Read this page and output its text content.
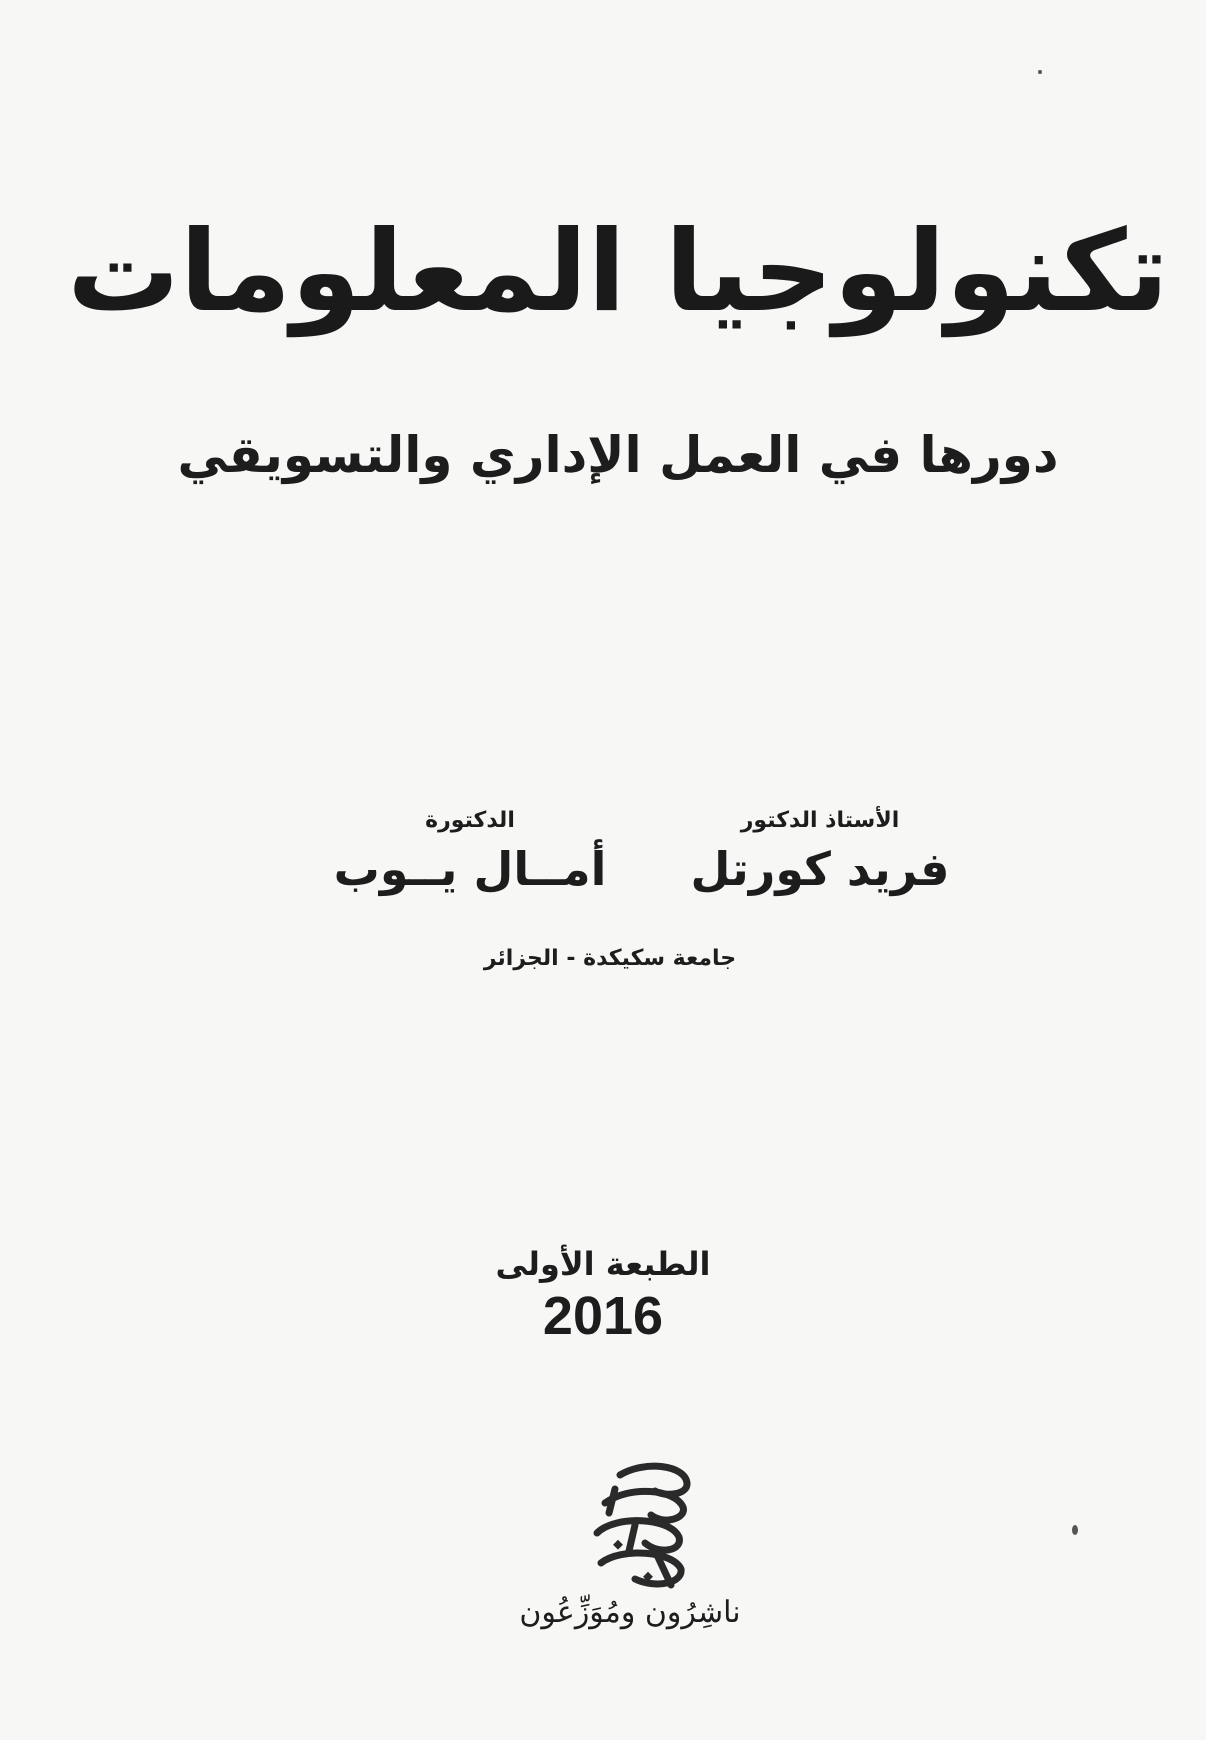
تكنولوجيا المعلومات
دورها في العمل الإداري والتسويقي
الأستاذ الدكتور
فريد كورتل
الدكتورة
أمــال يــوب
جامعة سكيكدة - الجزائر
الطبعة الأولى
2016
ناشِرُون ومُوَزِّعُون
